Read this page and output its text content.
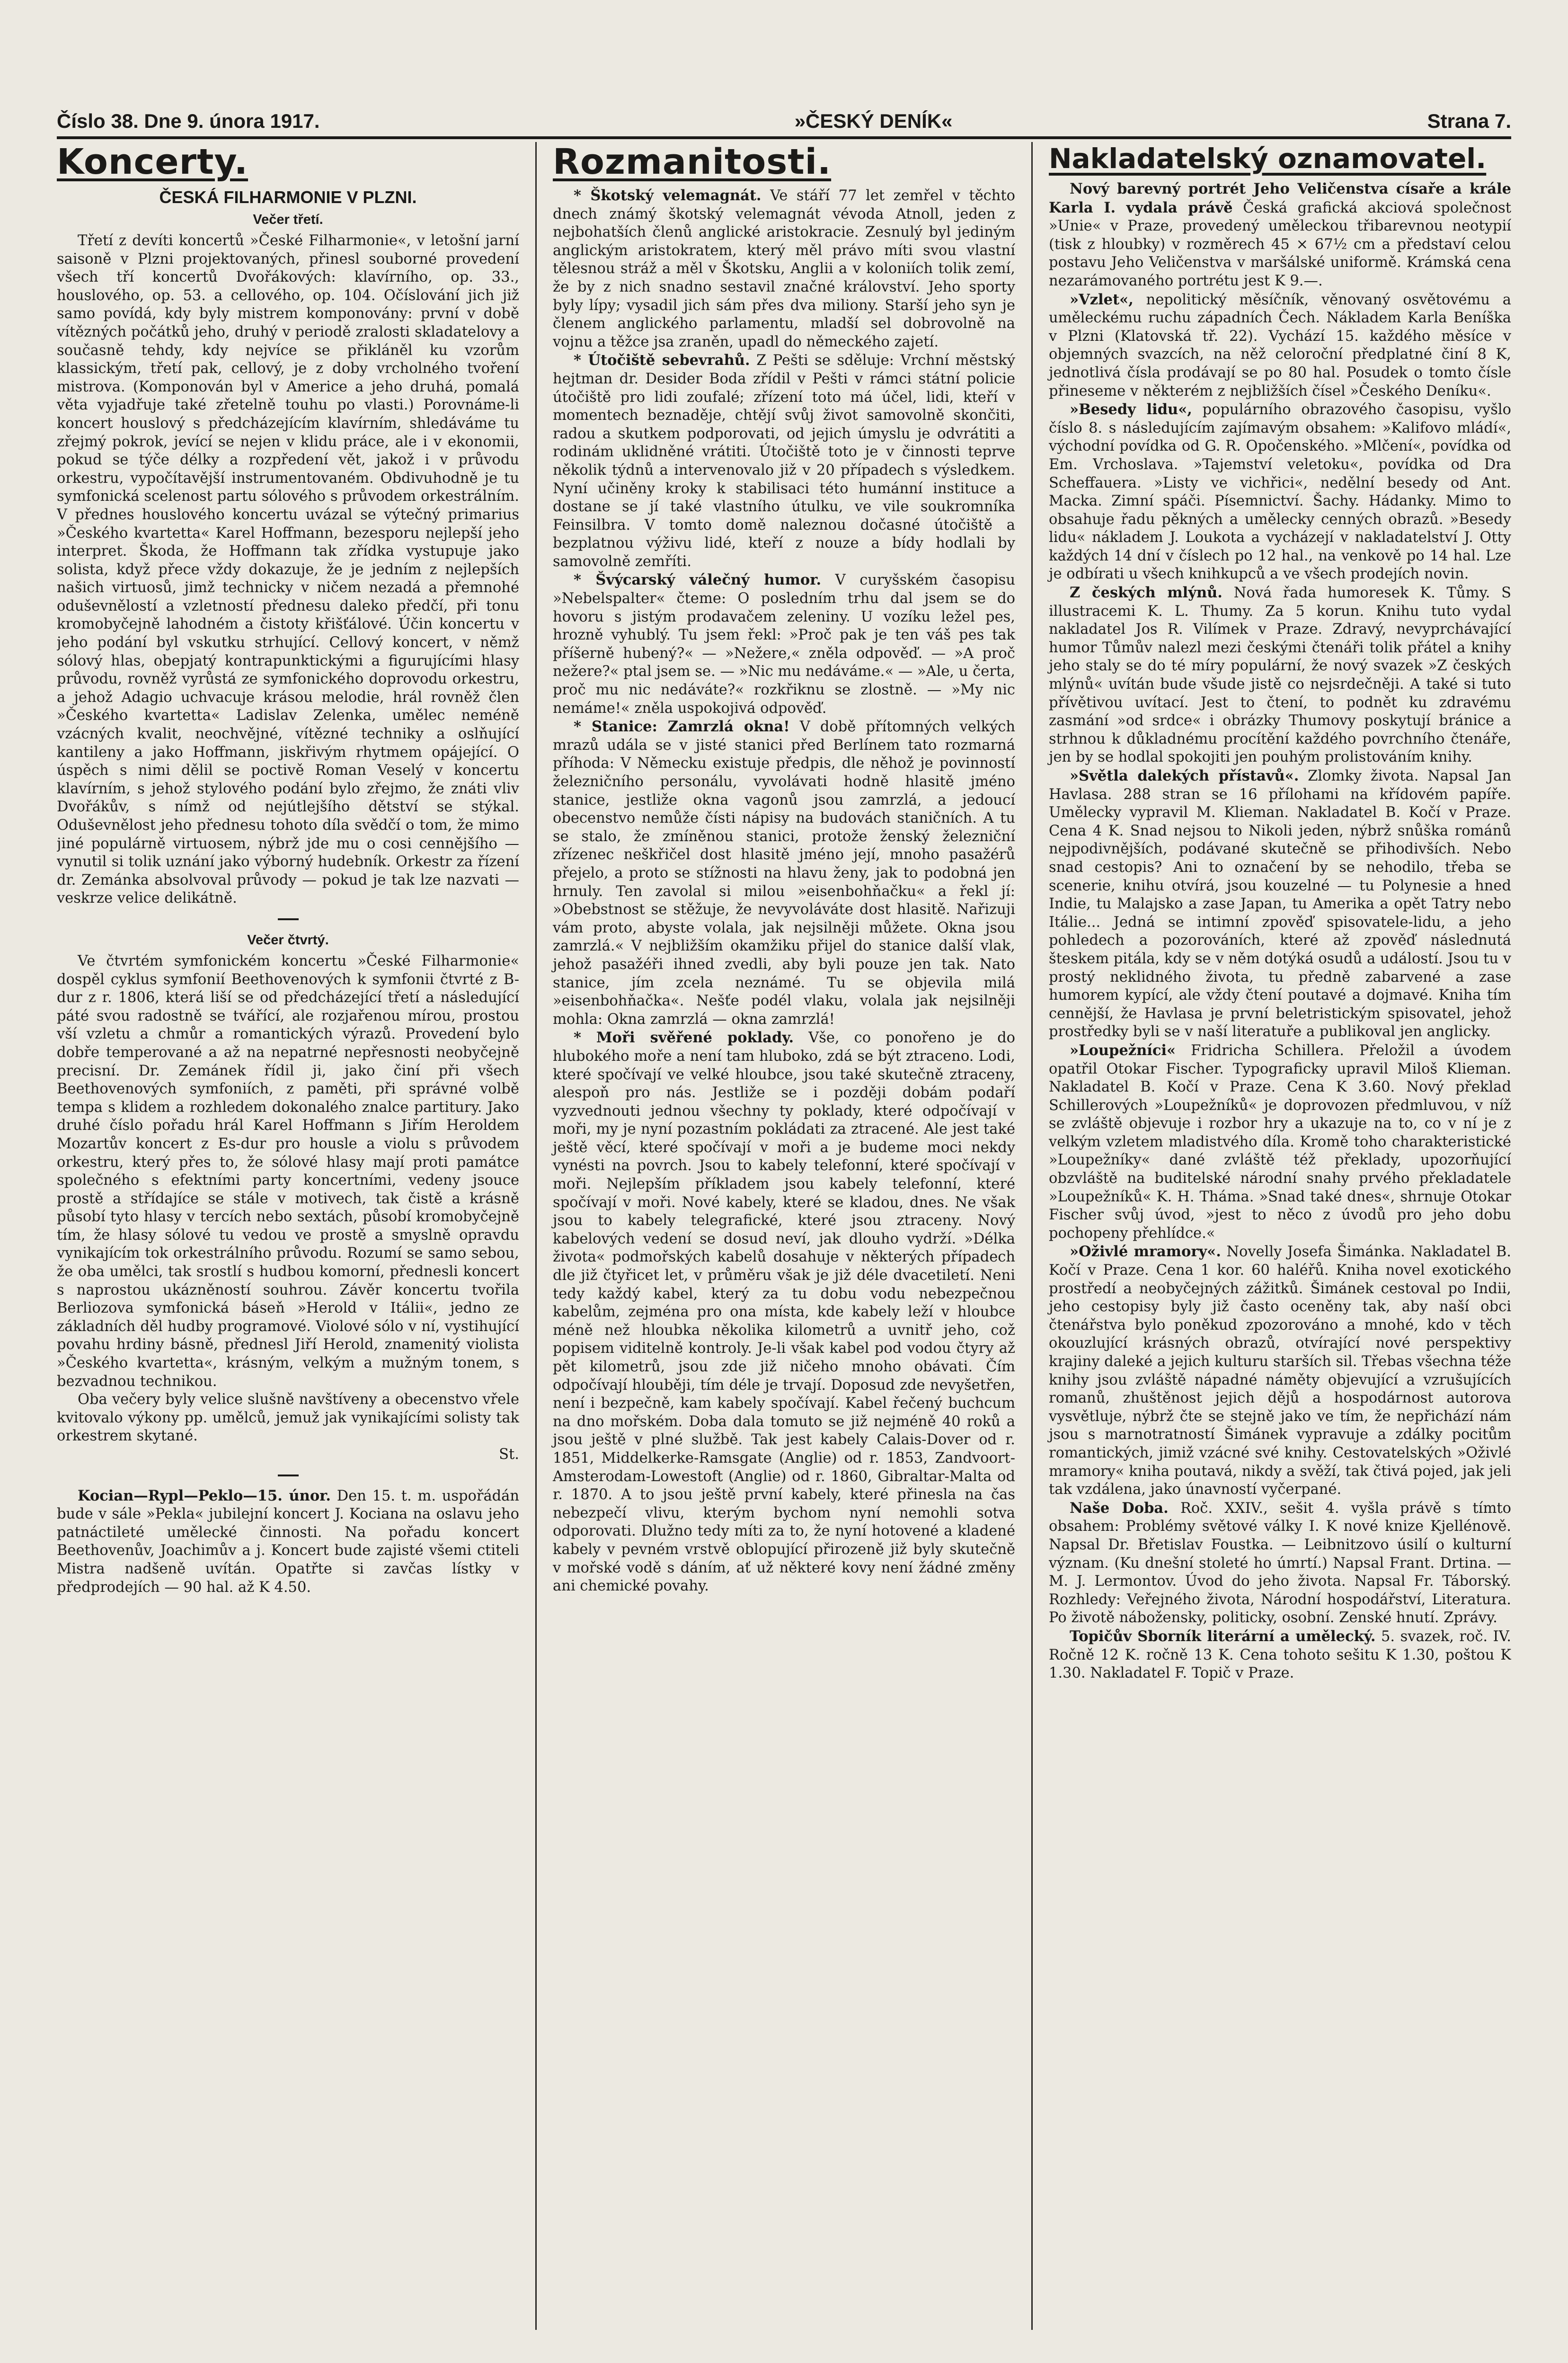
Číslo 38. Dne 9. února 1917.	»ČESKÝ DENÍK«	Strana 7.
Koncerty.
ČESKÁ FILHARMONIE V PLZNI.
Večer třetí.

Třetí z devíti koncertů »České Filharmonie«, v letošní jarní saisoně v Plzni projektovaných, přinesl souborné provedení všech tří koncertů Dvořákových: klavírního, op. 33., houslového, op. 53. a cellového, op. 104. Očíslování jich již samo povídá, kdy byly mistrem komponovány: první v době vítězných počátků jeho, druhý v periodě zralosti skladatelovy a současně tehdy, kdy nejvíce se přikláněl ku vzorům klassickým, třetí pak, cellový, je z doby vrcholného tvoření mistrova. (Komponován byl v Americe a jeho druhá, pomalá věta vyjadřuje také zřetelně touhu po vlasti.) Porovnáme-li koncert houslový s předcházejícím klavírním, shledáváme tu zřejmý pokrok, jevící se nejen v klidu práce, ale i v ekonomii, pokud se týče délky a rozpředení vět, jakož i v průvodu orkestru, vypočítavější instrumentovaném. Obdivuhodně je tu symfonická scelenost partu sólového s průvodem orkestrálním. V přednes houslového koncertu uvázal se výtečný primarius »Českého kvartetta« Karel Hoffmann, bezesporu nejlepší jeho interpret. Škoda, že Hoffmann tak zřídka vystupuje jako solista, když přece vždy dokazuje, že je jedním z nejlepších našich virtuosů, jimž technicky v ničem nezadá a přemnohé oduševnělostí a vzletností přednesu daleko předčí, při tonu kromobyčejně lahodném a čistoty křišťálové. Účin koncertu v jeho podání byl vskutku strhující. Cellový koncert, v němž sólový hlas, obepjatý kontrapunktickými a figurujícími hlasy průvodu, rovněž vyrůstá ze symfonického doprovodu orkestru, a jehož Adagio uchvacuje krásou melodie, hrál rovněž člen »Českého kvartetta« Ladislav Zelenka, umělec neméně vzácných kvalit, neochvějné, vítězné techniky a oslňující kantileny a jako Hoffmann, jiskřivým rhytmem opájející. O úspěch s nimi dělil se poctivě Roman Veselý v koncertu klavírním, s jehož stylového podání bylo zřejmo, že znáti vliv Dvořákův, s nímž od nejútlejšího dětství se stýkal. Oduševnělost jeho přednesu tohoto díla svědčí o tom, že mimo jiné populárně virtuosem, nýbrž jde mu o cosi cennějšího — vynutil si tolik uznání jako výborný hudebník. Orkestr za řízení dr. Zemánka absolvoval průvody — pokud je tak lze nazvati — veskrze velice delikátně.

Večer čtvrtý.

Ve čtvrtém symfonickém koncertu »České Filharmonie« dospěl cyklus symfonií Beethovenových k symfonii čtvrté z B-dur z r. 1806, která liší se od předcházející třetí a následující páté svou radostně se tvářící, ale rozjařenou mírou, prostou vší vzletu a chmůr a romantických výrazů. Provedení bylo dobře temperované a až na nepatrné nepřesnosti neobyčejně precisní. Dr. Zemánek řídil ji, jako činí při všech Beethovenových symfoniích, z paměti, při správné volbě tempa s klidem a rozhledem dokonalého znalce partitury. Jako druhé číslo pořadu hrál Karel Hoffmann s Jiřím Heroldem Mozartův koncert z Es-dur pro housle a violu s průvodem orkestru, který přes to, že sólové hlasy mají proti památce společného s efektními party koncertními, vedeny jsouce prostě a střídajíce se stále v motivech, tak čistě a krásně působí tyto hlasy v tercích nebo sextách, působí kromobyčejně tím, že hlasy sólové tu vedou ve prostě a smyslně opravdu vynikajícím tok orkestrálního průvodu. Rozumí se samo sebou, že oba umělci, tak srostlí s hudbou komorní, přednesli koncert s naprostou ukázněností souhrou. Závěr koncertu tvořila Berliozova symfonická báseň »Herold v Itálii«, jedno ze základních děl hudby programové. Violové sólo v ní, vystihující povahu hrdiny básně, přednesl Jiří Herold, znamenitý violista »Českého kvartetta«, krásným, velkým a mužným tonem, s bezvadnou technikou.

Oba večery byly velice slušně navštíveny a obecenstvo vřele kvitovalo výkony pp. umělců, jemuž jak vynikajícími solisty tak orkestrem skytané.

St.

Kocian—Rypl—Peklo—15. únor. Den 15. t. m. uspořádán bude v sále »Pekla« jubilejní koncert J. Kociana na oslavu jeho patnáctileté umělecké činnosti. Na pořadu koncert Beethovenův, Joachimův a j. Koncert bude zajisté všemi ctiteli Mistra nadšeně uvítán. Opatřte si zavčas lístky v předprodejích — 90 hal. až K 4.50.

Rozmanitosti.

* Škotský velemagnát. Ve stáří 77 let zemřel v těchto dnech známý škotský velemagnát vévoda Atnoll, jeden z nejbohatších členů anglické aristokracie. Zesnulý byl jediným anglickým aristokratem, který měl právo míti svou vlastní tělesnou stráž a měl v Škotsku, Anglii a v koloniích tolik zemí, že by z nich snadno sestavil značné království. Jeho sporty byly lípy; vysadil jich sám přes dva miliony. Starší jeho syn je členem anglického parlamentu, mladší sel dobrovolně na vojnu a těžce jsa zraněn, upadl do německého zajetí.

* Útočiště sebevrahů. Z Pešti se sděluje: Vrchní městský hejtman dr. Desider Boda zřídil v Pešti v rámci státní policie útočiště pro lidi zoufalé; zřízení toto má účel, lidi, kteří v momentech beznaděje, chtějí svůj život samovolně skončiti, radou a skutkem podporovati, od jejich úmyslu je odvrátiti a rodinám uklidněné vrátiti. Útočiště toto je v činnosti teprve několik týdnů a intervenovalo již v 20 případech s výsledkem. Nyní učiněny kroky k stabilisaci této humánní instituce a dostane se jí také vlastního útulku, ve vile soukromníka Feinsilbra. V tomto domě naleznou dočasné útočiště a bezplatnou výživu lidé, kteří z nouze a bídy hodlali by samovolně zemříti.

* Švýcarský válečný humor. V curyšském časopisu »Nebelspalter« čteme: O posledním trhu dal jsem se do hovoru s jistým prodavačem zeleniny. U vozíku ležel pes, hrozně vyhublý. Tu jsem řekl: »Proč pak je ten váš pes tak příšerně hubený?« — »Nežere,« zněla odpověď. — »A proč nežere?« ptal jsem se. — »Nic mu nedáváme.« — »Ale, u čerta, proč mu nic nedáváte?« rozkřiknu se zlostně. — »My nic nemáme!« zněla uspokojivá odpověď.

* Stanice: Zamrzlá okna! V době přítomných velkých mrazů udála se v jisté stanici před Berlínem tato rozmarná příhoda: V Německu existuje předpis, dle něhož je povinností železničního personálu, vyvolávati hodně hlasitě jméno stanice, jestliže okna vagonů jsou zamrzlá, a jedoucí obecenstvo nemůže čísti nápisy na budovách staničních. A tu se stalo, že zmíněnou stanici, protože ženský železniční zřízenec neškřičel dost hlasitě jméno její, mnoho pasažérů přejelo, a proto se stížnosti na hlavu ženy, jak to podobná jen hrnuly. Ten zavolal si milou »eisenbohňačku« a řekl jí: »Obebstnost se stěžuje, že nevyvoláváte dost hlasitě. Nařizuji vám proto, abyste volala, jak nejsilněji můžete. Okna jsou zamrzlá.« V nejbližším okamžiku přijel do stanice další vlak, jehož pasažéři ihned zvedli, aby byli pouze jen tak. Nato stanice, jím zcela neznámé. Tu se objevila milá »eisenbohňačka«. Nešťe podél vlaku, volala jak nejsilněji mohla: Okna zamrzlá — okna zamrzlá!

* Moři svěřené poklady. Vše, co ponořeno je do hlubokého moře a není tam hluboko, zdá se být ztraceno. Lodi, které spočívají ve velké hloubce, jsou také skutečně ztraceny, alespoň pro nás. Jestliže se i později dobám podaří vyzvednouti jednou všechny ty poklady, které odpočívají v moři, my je nyní pozastním pokládati za ztracené. Ale jest také ještě věcí, které spočívají v moři a je budeme moci nekdy vynésti na povrch. Jsou to kabely telefonní, které spočívají v moři. Nejlepším příkladem jsou kabely telefonní, které spočívají v moři. Nové kabely, které se kladou, dnes. Ne však jsou to kabely telegrafické, které jsou ztraceny. Nový kabelových vedení se dosud neví, jak dlouho vydrží. »Délka života« podmořských kabelů dosahuje v některých případech dle již čtyřicet let, v průměru však je již déle dvacetiletí. Neni tedy každý kabel, který za tu dobu vodu nebezpečnou kabelům, zejména pro ona místa, kde kabely leží v hloubce méně než hloubka několika kilometrů a uvnitř jeho, což popisem viditelně kontroly. Je-li však kabel pod vodou čtyry až pět kilometrů, jsou zde již ničeho mnoho obávati. Čím odpočívají hlouběji, tím déle je trvají. Doposud zde nevyšetřen, není i bezpečně, kam kabely spočívají. Kabel řečený buchcum na dno mořském. Doba dala tomuto se již nejméně 40 roků a jsou ještě v plné službě. Tak jest kabely Calais-Dover od r. 1851, Middelkerke-Ramsgate (Anglie) od r. 1853, Zandvoort-Amsterodam-Lowestoft (Anglie) od r. 1860, Gibraltar-Malta od r. 1870. A to jsou ještě první kabely, které přinesla na čas nebezpečí vlivu, kterým bychom nyní nemohli sotva odporovati. Dlužno tedy míti za to, že nyní hotovené a kladené kabely v pevném vrstvě oblopující přirozeně již byly skutečně v mořské vodě s dáním, ať už některé kovy není žádné změny ani chemické povahy.

Nakladatelský oznamovatel.

Nový barevný portrét Jeho Veličenstva císaře a krále Karla I. vydala právě Česká grafická akciová společnost »Unie« v Praze, provedený uměleckou třibarevnou neotypií (tisk z hloubky) v rozměrech 45 × 67½ cm a představí celou postavu Jeho Veličenstva v maršálské uniformě. Krámská cena nezarámovaného portrétu jest K 9.—.

»Vzlet«, nepolitický měsíčník, věnovaný osvětovému a uměleckému ruchu západních Čech. Nákladem Karla Beníška v Plzni (Klatovská tř. 22). Vychází 15. každého měsíce v objemných svazcích, na něž celoroční předplatné činí 8 K, jednotlivá čísla prodávají se po 80 hal. Posudek o tomto čísle přineseme v některém z nejbližších čísel »Českého Deníku«.

»Besedy lidu«, populárního obrazového časopisu, vyšlo číslo 8. s následujícím zajímavým obsahem: »Kalifovo mládí«, východní povídka od G. R. Opočenského. »Mlčení«, povídka od Em. Vrchoslava. »Tajemství veletoku«, povídka od Dra Scheffauera. »Listy ve vichřici«, nedělní besedy od Ant. Macka. Zimní spáči. Písemnictví. Šachy. Hádanky. Mimo to obsahuje řadu pěkných a umělecky cenných obrazů. »Besedy lidu« nákladem J. Loukota a vycházejí v nakladatelství J. Otty každých 14 dní v číslech po 12 hal., na venkově po 14 hal. Lze je odbírati u všech knihkupců a ve všech prodejích novin.

Z českých mlýnů. Nová řada humoresek K. Tůmy. S illustracemi K. L. Thumy. Za 5 korun. Knihu tuto vydal nakladatel Jos R. Vilímek v Praze. Zdravý, nevyprchávající humor Tůmův nalezl mezi českými čtenáři tolik přátel a knihy jeho staly se do té míry populární, že nový svazek »Z českých mlýnů« uvítán bude všude jistě co nejsrdečněji. A také si tuto přívětivou uvítací. Jest to čtení, to podnět ku zdravému zasmání »od srdce« i obrázky Thumovy poskytují bránice a strhnou k důkladnému procítění každého povrchního čtenáře, jen by se hodlal spokojiti jen pouhým prolistováním knihy.

»Světla dalekých přístavů«. Zlomky života. Napsal Jan Havlasa. 288 stran se 16 přílohami na křídovém papíře. Umělecky vypravil M. Klieman. Nakladatel B. Kočí v Praze. Cena 4 K. Snad nejsou to Nikoli jeden, nýbrž snůška románů nejpodivnějších, podávané skutečně se přihodivších. Nebo snad cestopis? Ani to označení by se nehodilo, třeba se scenerie, knihu otvírá, jsou kouzelné — tu Polynesie a hned Indie, tu Malajsko a zase Japan, tu Amerika a opět Tatry nebo Itálie... Jedná se intimní zpověď spisovatele-lidu, a jeho pohledech a pozorováních, které až zpověď následnutá šteskem pitála, kdy se v něm dotýká osudů a událostí. Jsou tu v prostý neklidného života, tu předně zabarvené a zase humorem kypící, ale vždy čtení poutavé a dojmavé. Kniha tím cennější, že Havlasa je první beletristickým spisovatel, jehož prostředky byli se v naší literatuře a publikoval jen anglicky.

»Loupežníci« Fridricha Schillera. Přeložil a úvodem opatřil Otokar Fischer. Typograficky upravil Miloš Klieman. Nakladatel B. Kočí v Praze. Cena K 3.60. Nový překlad Schillerových »Loupežníků« je doprovozen předmluvou, v níž se zvláště objevuje i rozbor hry a ukazuje na to, co v ní je z velkým vzletem mladistvého díla. Kromě toho charakteristické »Loupežníky« dané zvláště též překlady, upozorňující obzvláště na buditelské národní snahy prvého překladatele »Loupežníků« K. H. Tháma. »Snad také dnes«, shrnuje Otokar Fischer svůj úvod, »jest to něco z úvodů pro jeho dobu pochopeny přehlídce.«

»Oživlé mramory«. Novelly Josefa Šimánka. Nakladatel B. Kočí v Praze. Cena 1 kor. 60 haléřů. Kniha novel exotického prostředí a neobyčejných zážitků. Šimánek cestoval po Indii, jeho cestopisy byly již často oceněny tak, aby naší obci čtenářstva bylo poněkud zpozorováno a mnohé, kdo v těch okouzlující krásných obrazů, otvírající nové perspektivy krajiny daleké a jejich kulturu starších sil. Třebas všechna téže knihy jsou zvláště nápadné náměty objevující a vzrušujících romanů, zhuštěnost jejich dějů a hospodárnost autorova vysvětluje, nýbrž čte se stejně jako ve tím, že nepřichází nám jsou s marnotratností Šimánek vypravuje a zdálky pocitům romantických, jimiž vzácné své knihy. Cestovatelských »Oživlé mramory« kniha poutavá, nikdy a svěží, tak čtivá pojed, jak jeli tak vzdálena, jako únavností vyčerpané.

Naše Doba. Roč. XXIV., sešit 4. vyšla právě s tímto obsahem: Problémy světové války I. K nové knize Kjellénově. Napsal Dr. Břetislav Foustka. — Leibnitzovo úsilí o kulturní význam. (Ku dnešní stoleté ho úmrtí.) Napsal Frant. Drtina. — M. J. Lermontov. Úvod do jeho života. Napsal Fr. Táborský. Rozhledy: Veřejného života, Národní hospodářství, Literatura. Po životě nábožensky, politicky, osobní. Zenské hnutí. Zprávy.

Topičův Sborník literární a umělecký. 5. svazek, roč. IV. Ročně 12 K. ročně 13 K. Cena tohoto sešitu K 1.30, poštou K 1.30. Nakladatel F. Topič v Praze.
